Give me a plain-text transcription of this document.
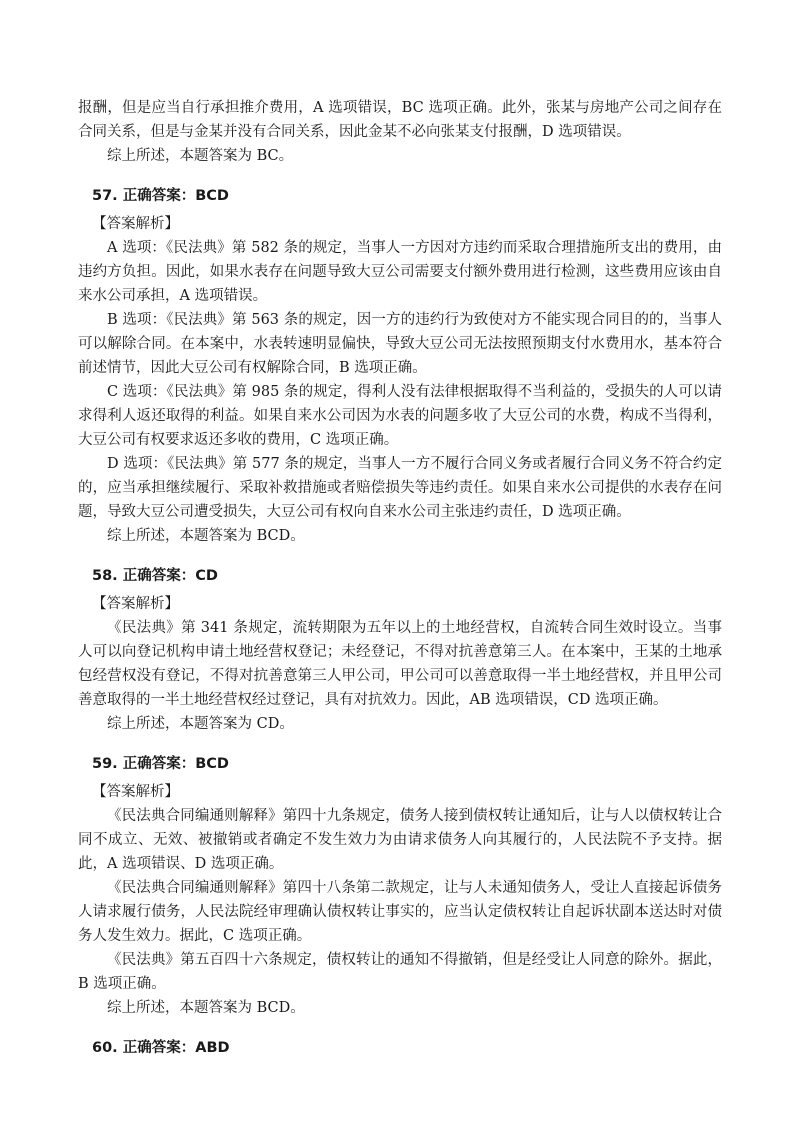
报酬，但是应当自行承担推介费用，A 选项错误，BC 选项正确。此外，张某与房地产公司之间存在合同关系，但是与金某并没有合同关系，因此金某不必向张某支付报酬，D 选项错误。

综上所述，本题答案为 BC。

57. 正确答案：BCD

【答案解析】

A 选项：《民法典》第 582 条的规定，当事人一方因对方违约而采取合理措施所支出的费用，由违约方负担。因此，如果水表存在问题导致大豆公司需要支付额外费用进行检测，这些费用应该由自来水公司承担，A 选项错误。

B 选项：《民法典》第 563 条的规定，因一方的违约行为致使对方不能实现合同目的的，当事人可以解除合同。在本案中，水表转速明显偏快，导致大豆公司无法按照预期支付水费用水，基本符合前述情节，因此大豆公司有权解除合同，B 选项正确。

C 选项：《民法典》第 985 条的规定，得利人没有法律根据取得不当利益的，受损失的人可以请求得利人返还取得的利益。如果自来水公司因为水表的问题多收了大豆公司的水费，构成不当得利，大豆公司有权要求返还多收的费用，C 选项正确。

D 选项：《民法典》第 577 条的规定，当事人一方不履行合同义务或者履行合同义务不符合约定的，应当承担继续履行、采取补救措施或者赔偿损失等违约责任。如果自来水公司提供的水表存在问题，导致大豆公司遭受损失，大豆公司有权向自来水公司主张违约责任，D 选项正确。

综上所述，本题答案为 BCD。

58. 正确答案：CD

【答案解析】

《民法典》第 341 条规定，流转期限为五年以上的土地经营权，自流转合同生效时设立。当事人可以向登记机构申请土地经营权登记；未经登记，不得对抗善意第三人。在本案中，王某的土地承包经营权没有登记，不得对抗善意第三人甲公司，甲公司可以善意取得一半土地经营权，并且甲公司善意取得的一半土地经营权经过登记，具有对抗效力。因此，AB 选项错误，CD 选项正确。

综上所述，本题答案为 CD。

59. 正确答案：BCD

【答案解析】

《民法典合同编通则解释》第四十九条规定，债务人接到债权转让通知后，让与人以债权转让合同不成立、无效、被撤销或者确定不发生效力为由请求债务人向其履行的，人民法院不予支持。据此，A 选项错误、D 选项正确。

《民法典合同编通则解释》第四十八条第二款规定，让与人未通知债务人，受让人直接起诉债务人请求履行债务，人民法院经审理确认债权转让事实的，应当认定债权转让自起诉状副本送达时对债务人发生效力。据此，C 选项正确。

《民法典》第五百四十六条规定，债权转让的通知不得撤销，但是经受让人同意的除外。据此，B 选项正确。

综上所述，本题答案为 BCD。

60. 正确答案：ABD
